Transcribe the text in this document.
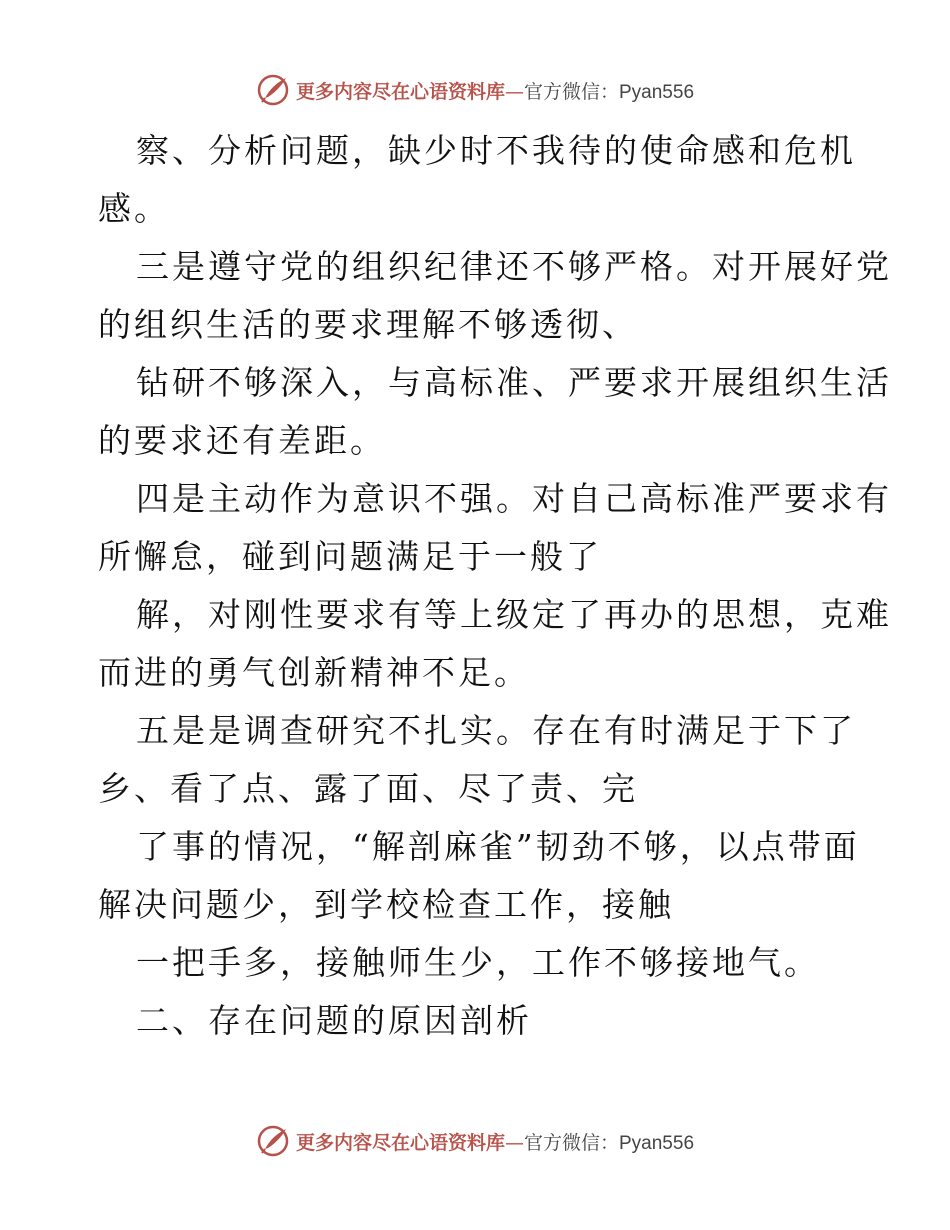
更多内容尽在心语资料库—官方微信：Pyan556
察、分析问题，缺少时不我待的使命感和危机
感。
三是遵守党的组织纪律还不够严格。对开展好党
的组织生活的要求理解不够透彻、
钻研不够深入，与高标准、严要求开展组织生活
的要求还有差距。
四是主动作为意识不强。对自己高标准严要求有
所懈怠，碰到问题满足于一般了
解，对刚性要求有等上级定了再办的思想，克难
而进的勇气创新精神不足。
五是是调查研究不扎实。存在有时满足于下了
乡、看了点、露了面、尽了责、完
了事的情况，“解剖麻雀”韧劲不够，以点带面
解决问题少，到学校检查工作，接触
一把手多，接触师生少，工作不够接地气。
二、存在问题的原因剖析
更多内容尽在心语资料库—官方微信：Pyan556
